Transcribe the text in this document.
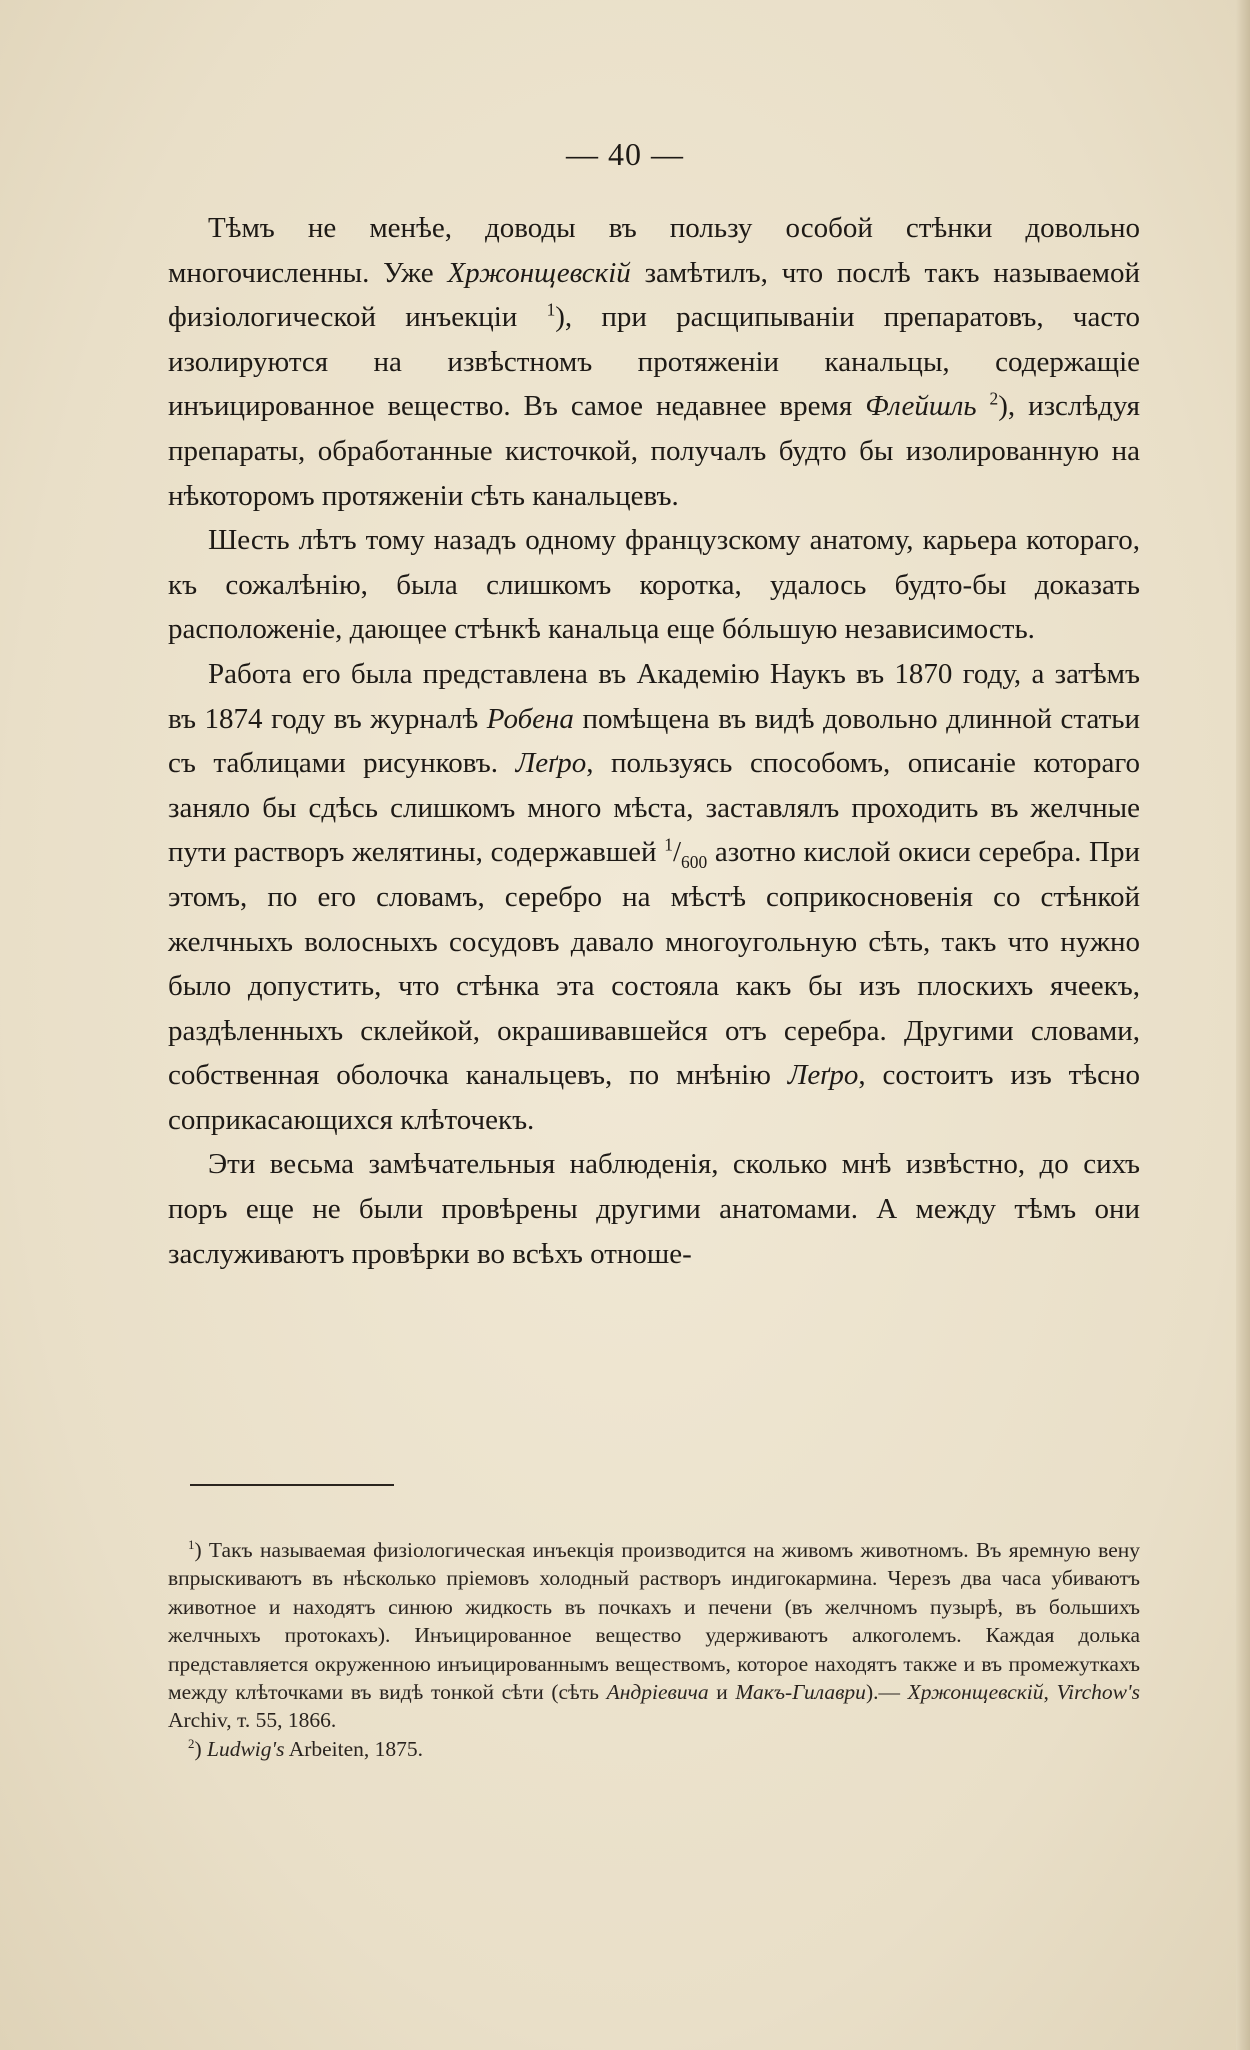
— 40 —

Тѣмъ не менѣе, доводы въ пользу особой стѣнки довольно многочисленны. Уже Хржонщевскій замѣтилъ, что послѣ такъ называемой физіологической инъекціи $^1$), при расщипываніи препаратовъ, часто изолируются на извѣстномъ протяженіи канальцы, содержащіе инъицированное вещество. Въ самое недавнее время Флейшль $^2$), изслѣдуя препараты, обработанные кисточкой, получалъ будто бы изолированную на нѣкоторомъ протяженіи сѣть канальцевъ.

Шесть лѣтъ тому назадъ одному французскому анатому, карьера котораго, къ сожалѣнію, была слишкомъ коротка, удалось будто-бы доказать расположеніе, дающее стѣнкѣ канальца еще бóльшую независимость.

Работа его была представлена въ Академію Наукъ въ 1870 году, а затѣмъ въ 1874 году въ журналѣ Робена помѣщена въ видѣ довольно длинной статьи съ таблицами рисунковъ. Леґро, пользуясь способомъ, описаніе котораго заняло бы сдѣсь слишкомъ много мѣста, заставлялъ проходить въ желчные пути растворъ желятины, содержавшей $^1/_{600}$ азотно кислой окиси серебра. При этомъ, по его словамъ, серебро на мѣстѣ соприкосновенія со стѣнкой желчныхъ волосныхъ сосудовъ давало многоугольную сѣть, такъ что нужно было допустить, что стѣнка эта состояла какъ бы изъ плоскихъ ячеекъ, раздѣленныхъ склейкой, окрашивавшейся отъ серебра. Другими словами, собственная оболочка канальцевъ, по мнѣнію Леґро, состоитъ изъ тѣсно соприкасающихся клѣточекъ.

Эти весьма замѣчательныя наблюденія, сколько мнѣ извѣстно, до сихъ поръ еще не были провѣрены другими анатомами. А между тѣмъ они заслуживаютъ провѣрки во всѣхъ отноше-

$^1$) Такъ называемая физіологическая инъекція производится на живомъ животномъ. Въ яремную вену впрыскиваютъ въ нѣсколько пріемовъ холодный растворъ индигокармина. Черезъ два часа убиваютъ животное и находятъ синюю жидкость въ почкахъ и печени (въ желчномъ пузырѣ, въ большихъ желчныхъ протокахъ). Инъицированное вещество удерживаютъ алкоголемъ. Каждая долька представляется окруженною инъицированнымъ веществомъ, которое находятъ также и въ промежуткахъ между клѣточками въ видѣ тонкой сѣти (сѣть Андріевича и Макъ-Гилаври).— Хржонщевскій, Virchow's Archiv, т. 55, 1866.

$^2$) Ludwig's Arbeiten, 1875.
